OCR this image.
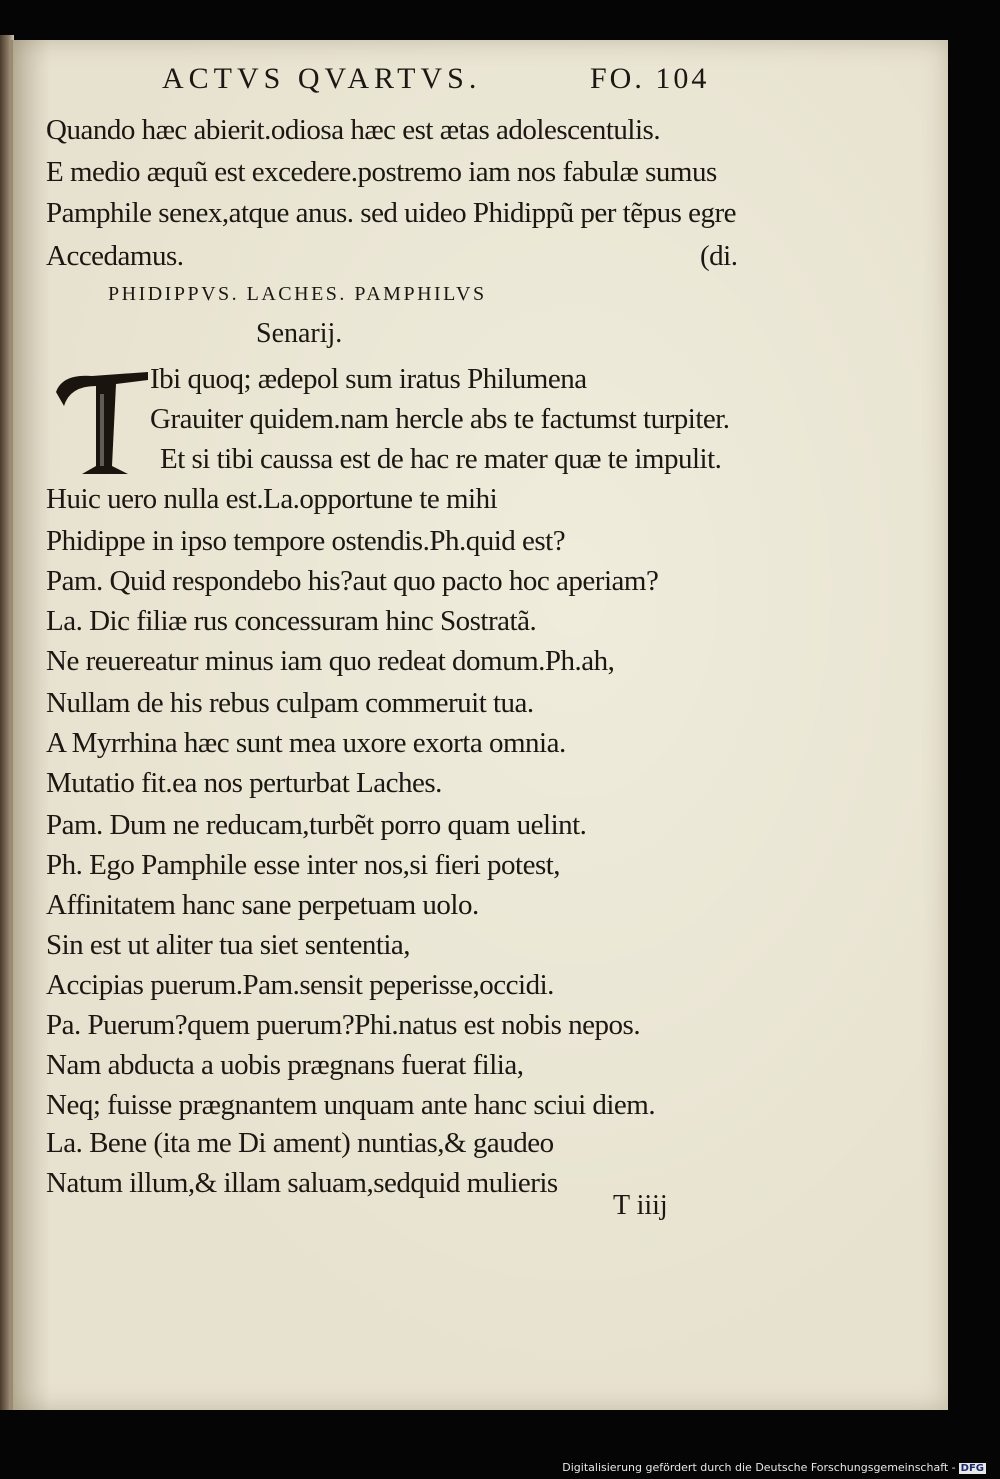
ACTVS QVARTVS.	FO. 104
Quando hæc abierit.odiosa hæc est ætas adolescentulis.
E medio æquũ est excedere.postremo iam nos fabulæ sumus
Pamphile senex,atque anus. sed uideo Phidippũ per tẽpus egre
Accedamus.	(di.
PHIDIPPVS. LACHES. PAMPHILVS
Senarij.
Ibi quoq; ædepol sum iratus Philumena
Grauiter quidem.nam hercle abs te factumst turpiter.
Et si tibi caussa est de hac re mater quæ te impulit.
Huic uero nulla est.La.opportune te mihi
Phidippe in ipso tempore ostendis.Ph.quid est?
Pam. Quid respondebo his?aut quo pacto hoc aperiam?
La. Dic filiæ rus concessuram hinc Sostratã.
Ne reuereatur minus iam quo redeat domum.Ph.ah,
Nullam de his rebus culpam commeruit tua.
A Myrrhina hæc sunt mea uxore exorta omnia.
Mutatio fit.ea nos perturbat Laches.
Pam. Dum ne reducam,turbẽt porro quam uelint.
Ph. Ego Pamphile esse inter nos,si fieri potest,
Affinitatem hanc sane perpetuam uolo.
Sin est ut aliter tua siet sententia,
Accipias puerum.Pam.sensit peperisse,occidi.
Pa. Puerum?quem puerum?Phi.natus est nobis nepos.
Nam abducta a uobis prægnans fuerat filia,
Neq; fuisse prægnantem unquam ante hanc sciui diem.
La. Bene (ita me Di ament) nuntias,& gaudeo
Natum illum,& illam saluam,sedquid mulieris
T iiij
Digitalisierung gefördert durch die Deutsche Forschungsgemeinschaft - DFG
